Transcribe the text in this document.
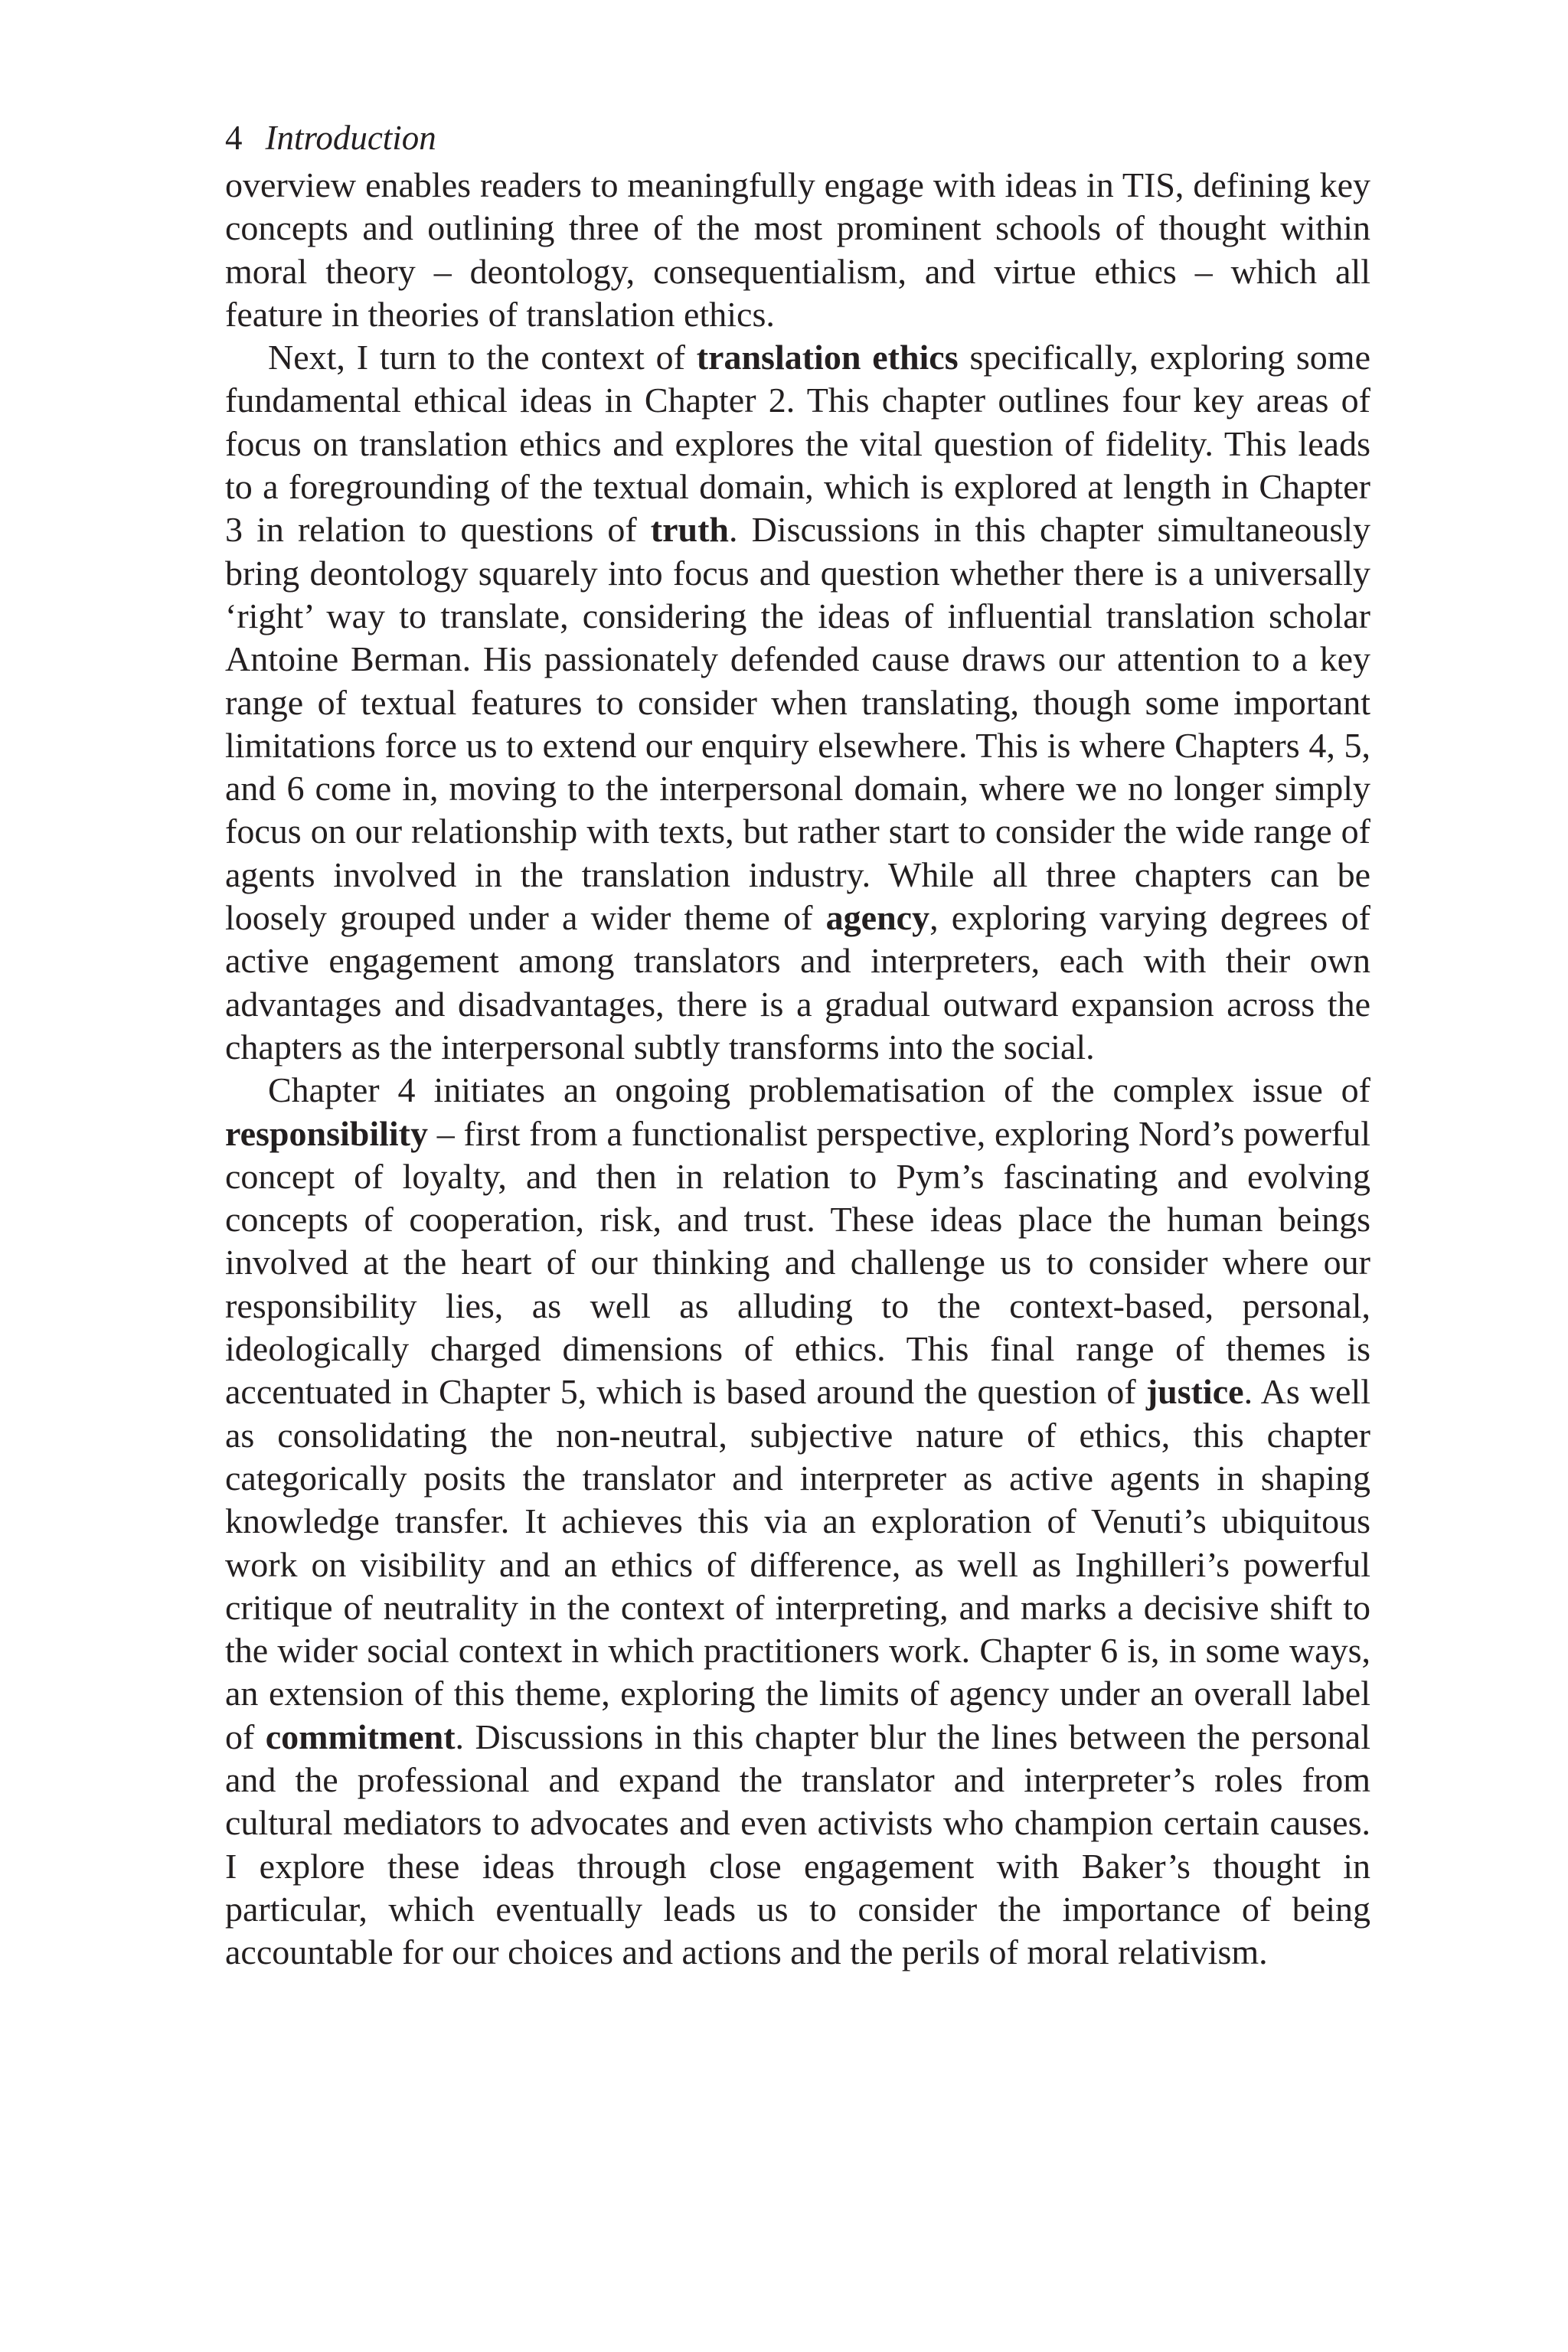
4 Introduction

overview enables readers to meaningfully engage with ideas in TIS, defining key concepts and outlining three of the most prominent schools of thought within moral theory – deontology, consequentialism, and virtue ethics – which all feature in theories of translation ethics.

Next, I turn to the context of translation ethics specifically, exploring some fundamental ethical ideas in Chapter 2. This chapter outlines four key areas of focus on translation ethics and explores the vital question of fidelity. This leads to a foregrounding of the textual domain, which is explored at length in Chapter 3 in relation to questions of truth. Discussions in this chapter simultaneously bring deontology squarely into focus and question whether there is a universally ‘right’ way to translate, considering the ideas of influential translation scholar Antoine Berman. His passionately defended cause draws our attention to a key range of textual features to consider when translating, though some important limitations force us to extend our enquiry elsewhere. This is where Chapters 4, 5, and 6 come in, moving to the interpersonal domain, where we no longer simply focus on our relationship with texts, but rather start to consider the wide range of agents involved in the translation industry. While all three chapters can be loosely grouped under a wider theme of agency, exploring varying degrees of active engagement among translators and interpreters, each with their own advantages and disadvantages, there is a gradual outward expansion across the chapters as the interpersonal subtly transforms into the social.

Chapter 4 initiates an ongoing problematisation of the complex issue of responsibility – first from a functionalist perspective, exploring Nord’s powerful concept of loyalty, and then in relation to Pym’s fascinating and evolving concepts of cooperation, risk, and trust. These ideas place the human beings involved at the heart of our thinking and challenge us to consider where our responsibility lies, as well as alluding to the context-based, personal, ideologically charged dimensions of ethics. This final range of themes is accentuated in Chapter 5, which is based around the question of justice. As well as consolidating the non-neutral, subjective nature of ethics, this chapter categorically posits the translator and interpreter as active agents in shaping knowledge transfer. It achieves this via an exploration of Venuti’s ubiquitous work on visibility and an ethics of difference, as well as Inghilleri’s powerful critique of neutrality in the context of interpreting, and marks a decisive shift to the wider social context in which practitioners work. Chapter 6 is, in some ways, an extension of this theme, exploring the limits of agency under an overall label of commitment. Discussions in this chapter blur the lines between the personal and the professional and expand the translator and interpreter’s roles from cultural mediators to advocates and even activists who champion certain causes. I explore these ideas through close engagement with Baker’s thought in particular, which eventually leads us to consider the importance of being accountable for our choices and actions and the perils of moral relativism.
